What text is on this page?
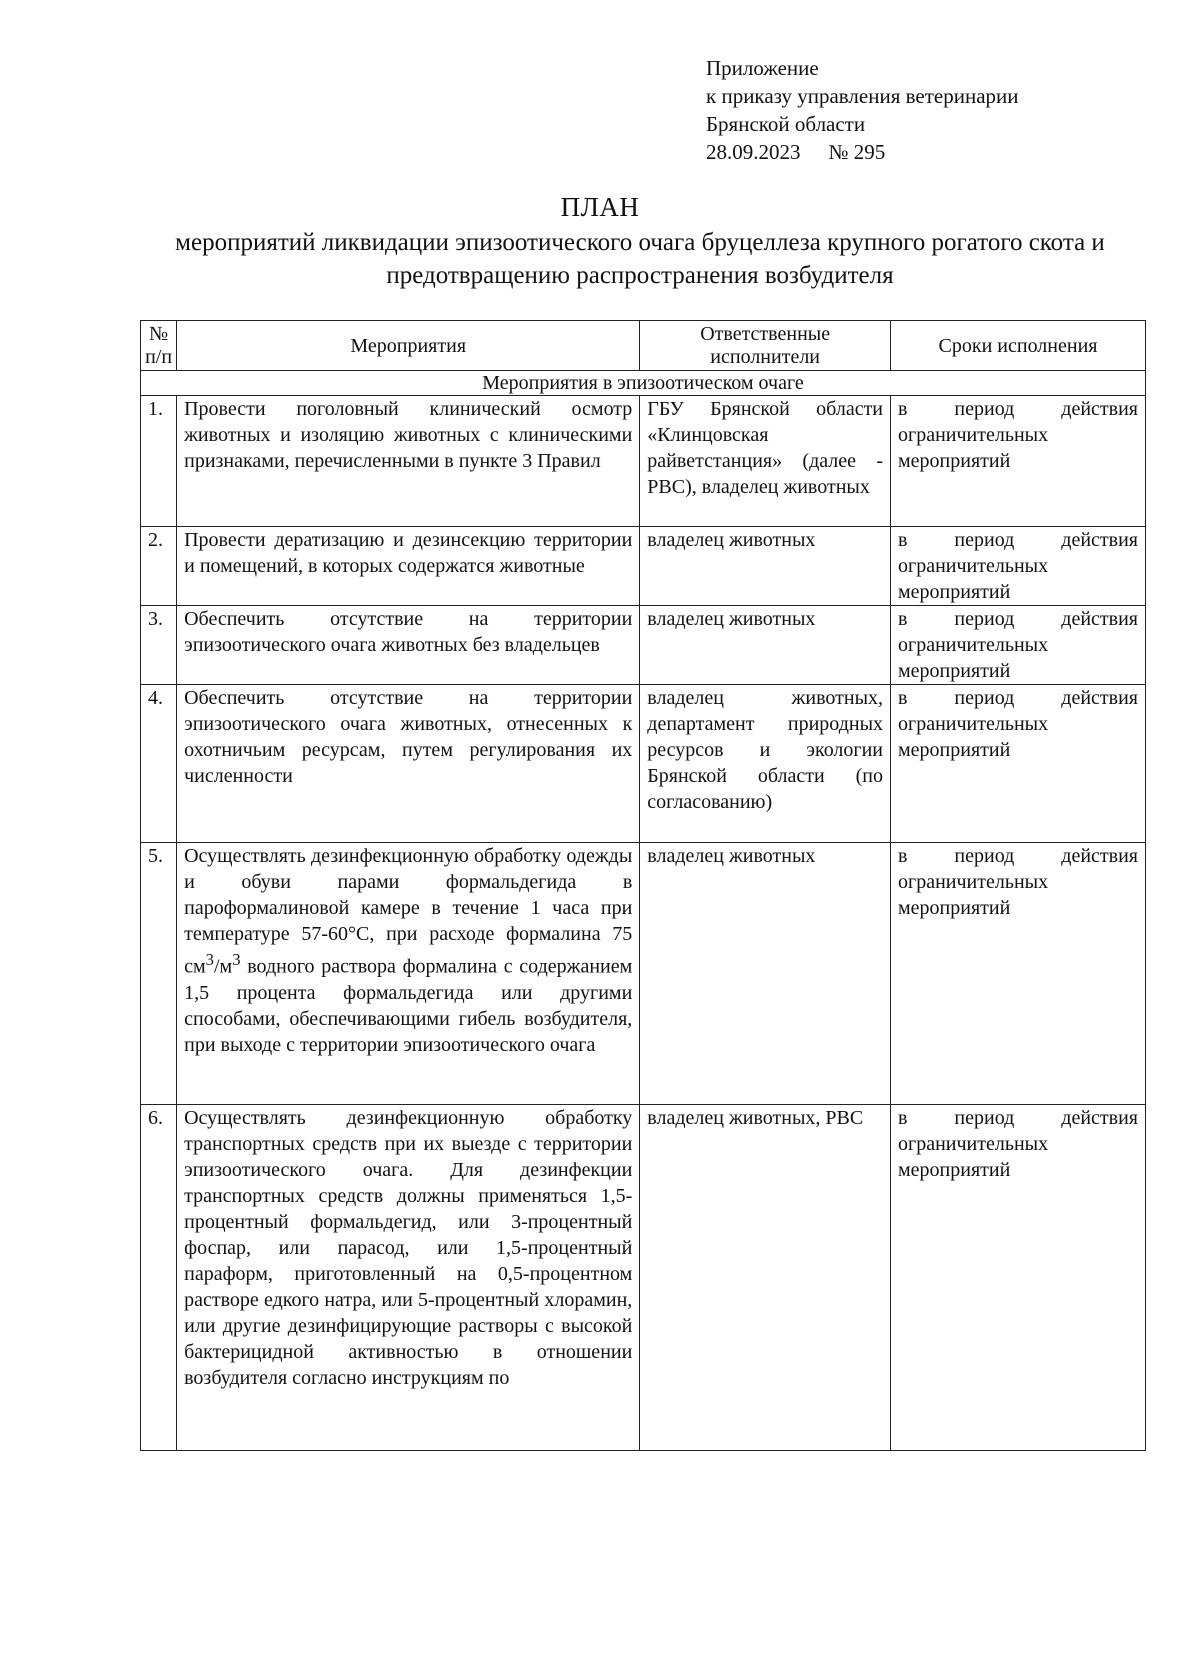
Приложение
к приказу управления ветеринарии
Брянской области
28.09.2023 № 295
ПЛАН
мероприятий ликвидации эпизоотического очага бруцеллеза крупного рогатого скота и предотвращению распространения возбудителя
№ п/п	Мероприятия	Ответственные исполнители	Сроки исполнения
Мероприятия в эпизоотическом очаге			
1.	Провести поголовный клинический осмотр животных и изоляцию животных с клиническими признаками, перечисленными в пункте 3 Правил	ГБУ Брянской области «Клинцовская райветстанция» (далее - РВС), владелец животных	в период действия ограничительных мероприятий
2.	Провести дератизацию и дезинсекцию территории и помещений, в которых содержатся животные	владелец животных	в период действия ограничительных мероприятий
3.	Обеспечить отсутствие на территории эпизоотического очага животных без владельцев	владелец животных	в период действия ограничительных мероприятий
4.	Обеспечить отсутствие на территории эпизоотического очага животных, отнесенных к охотничьим ресурсам, путем регулирования их численности	владелец животных, департамент природных ресурсов и экологии Брянской области (по согласованию)	в период действия ограничительных мероприятий
5.	Осуществлять дезинфекционную обработку одежды и обуви парами формальдегида в пароформалиновой камере в течение 1 часа при температуре 57-60°С, при расходе формалина 75 $см^3/м^3$ водного раствора формалина с содержанием 1,5 процента формальдегида или другими способами, обеспечивающими гибель возбудителя, при выходе с территории эпизоотического очага	владелец животных	в период действия ограничительных мероприятий
6.	Осуществлять дезинфекционную обработку транспортных средств при их выезде с территории эпизоотического очага. Для дезинфекции транспортных средств должны применяться 1,5-процентный формальдегид, или 3-процентный фоспар, или парасод, или 1,5-процентный параформ, приготовленный на 0,5-процентном растворе едкого натра, или 5-процентный хлорамин, или другие дезинфицирующие растворы с высокой бактерицидной активностью в отношении возбудителя согласно инструкциям по	владелец животных, РВС	в период действия ограничительных мероприятий
